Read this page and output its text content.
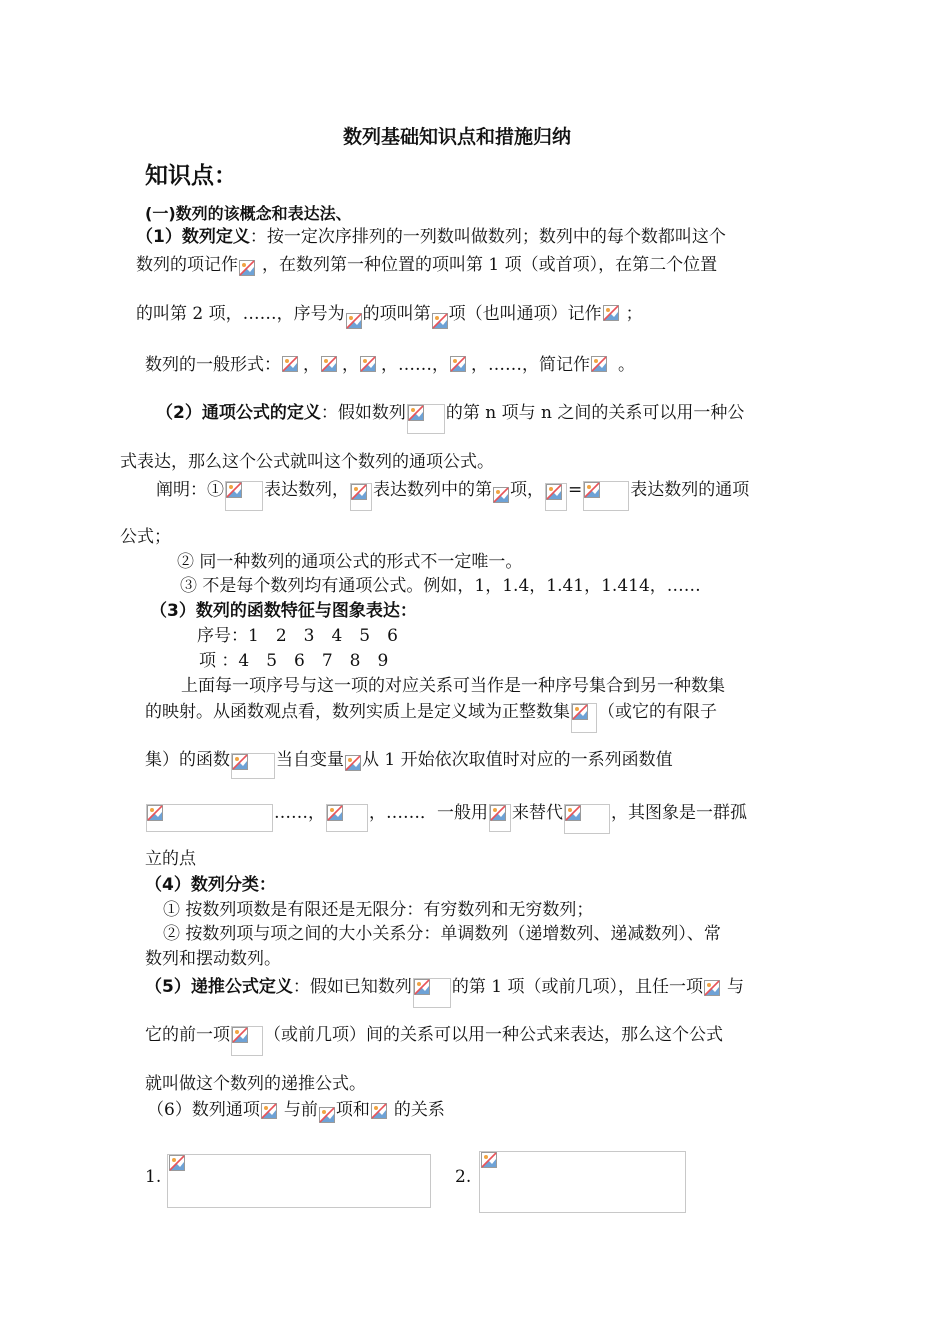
数列基础知识点和措施归纳
知识点：
(一)数列的该概念和表达法、
（1）数列定义：按一定次序排列的一列数叫做数列；数列中的每个数都叫这个
数列的项记作 ，在数列第一种位置的项叫第 1 项（或首项），在第二个位置
的叫第 2 项，……，序号为 的项叫第 项（也叫通项）记作 ；
数列的一般形式： ， ， ，……， ，……，简记作 。
（2）通项公式的定义：假如数列 的第 n 项与 n 之间的关系可以用一种公
式表达，那么这个公式就叫这个数列的通项公式。
阐明：① 表达数列， 表达数列中的第 项， =	表达数列的通项
公式；
② 同一种数列的通项公式的形式不一定唯一。
③ 不是每个数列均有通项公式。例如，1，1.4，1.41，1.414，……
（3）数列的函数特征与图象表达：
序号：1　2　3　4　5　6
项 ：4　5　6　7　8　9
上面每一项序号与这一项的对应关系可当作是一种序号集合到另一种数集
的映射。从函数观点看，数列实质上是定义域为正整数集 （或它的有限子
集）的函数	当自变量 从 1 开始依次取值时对应的一系列函数值
……，	，……．一般用 来替代	，其图象是一群孤
立的点
（4）数列分类：
① 按数列项数是有限还是无限分：有穷数列和无穷数列；
② 按数列项与项之间的大小关系分：单调数列（递增数列、递减数列）、常
数列和摆动数列。
（5）递推公式定义：假如已知数列 的第 1 项（或前几项），且任一项 与
它的前一项 （或前几项）间的关系可以用一种公式来表达，那么这个公式
就叫做这个数列的递推公式。
（6）数列通项 与前 项和 的关系
1.	2.
